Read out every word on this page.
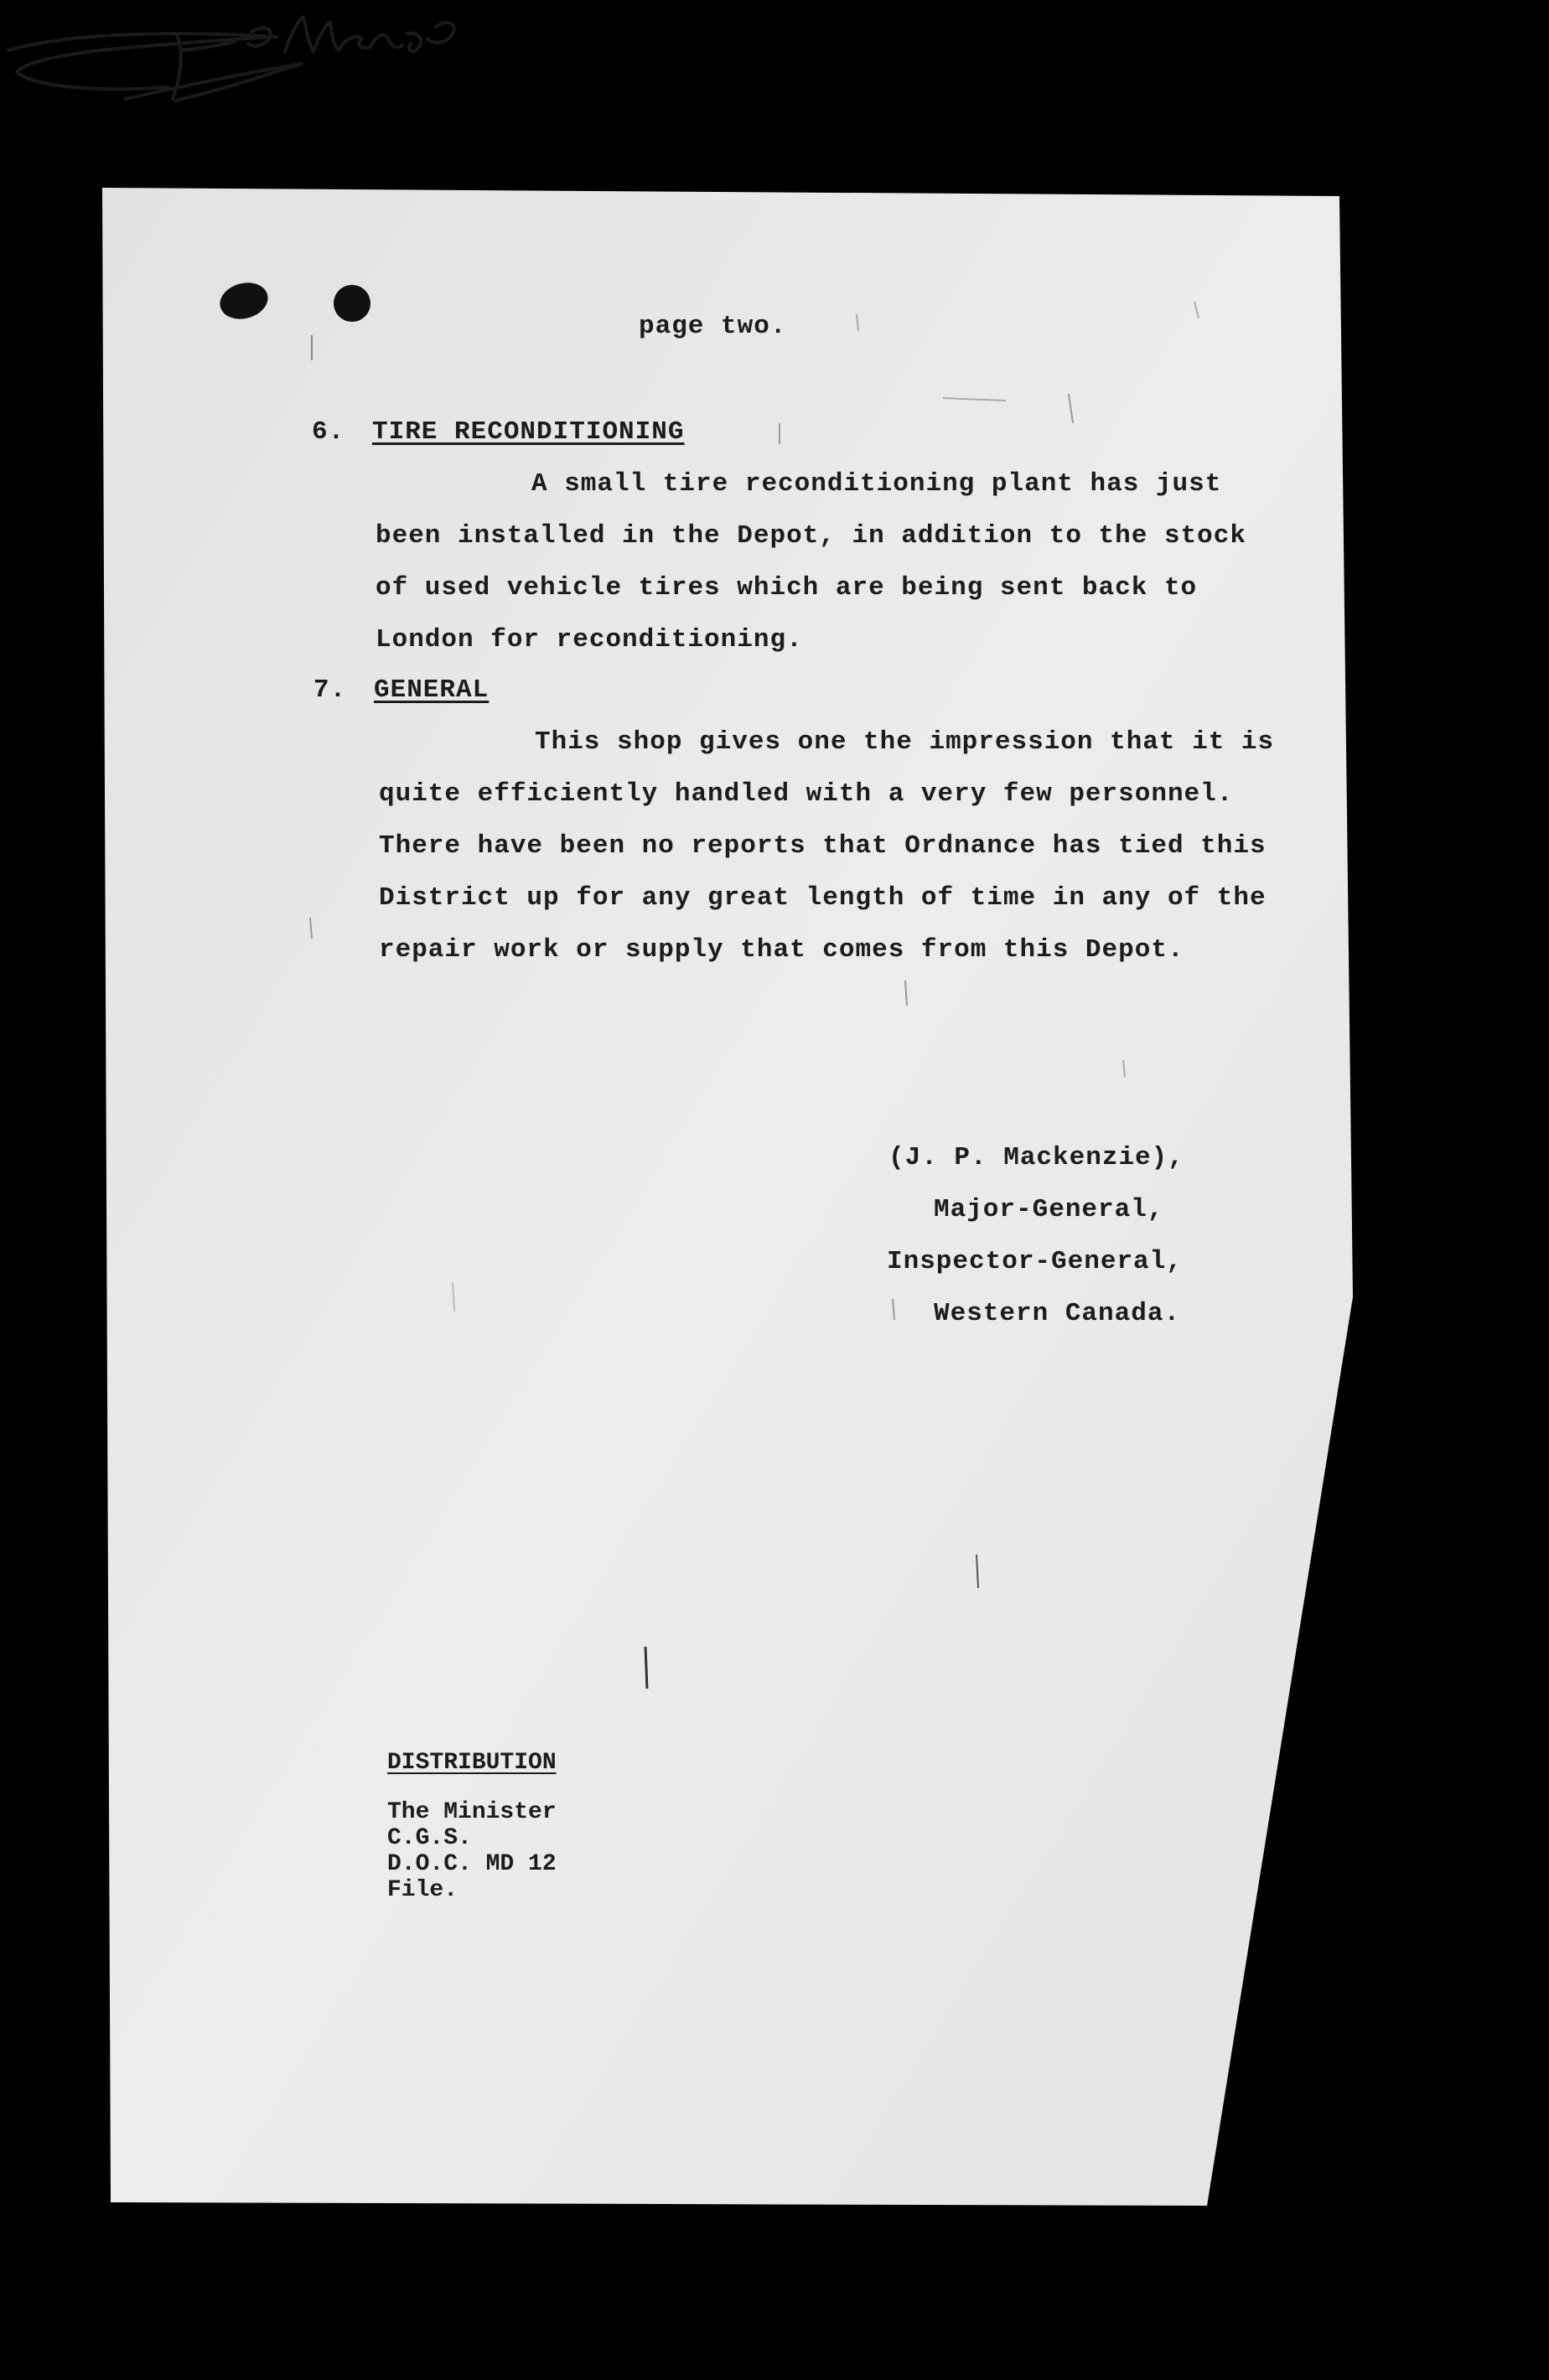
page two.
6. TIRE RECONDITIONING
A small tire reconditioning plant has just
been installed in the Depot, in addition to the stock
of used vehicle tires which are being sent back to
London for reconditioning.
7. GENERAL
This shop gives one the impression that it is
quite efficiently handled with a very few personnel.
There have been no reports that Ordnance has tied this
District up for any great length of time in any of the
repair work or supply that comes from this Depot.
(J. P. Mackenzie),
Major-General,
Inspector-General,
Western Canada.
DISTRIBUTION
The Minister
C.G.S.
D.O.C. MD 12
File.
